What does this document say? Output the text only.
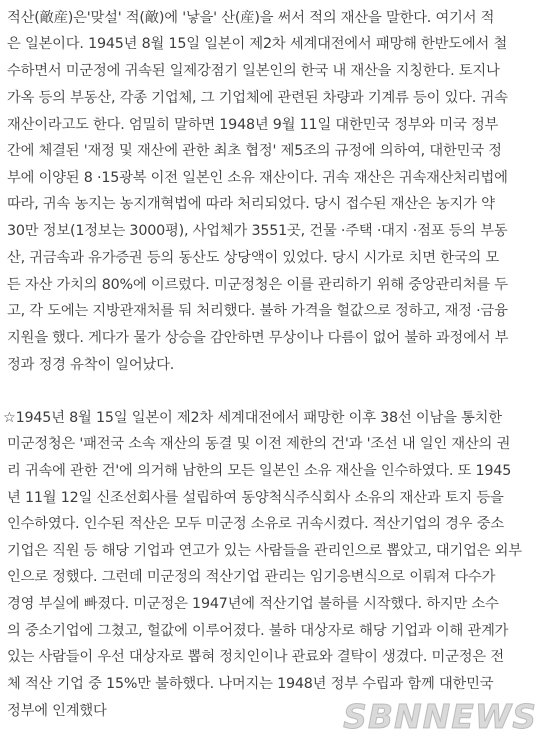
적산(敵産)은'맞설' 적(敵)에 '낳을' 산(産)을 써서 적의 재산을 말한다. 여기서 적
은 일본이다. 1945년 8월 15일 일본이 제2차 세계대전에서 패망해 한반도에서 철
수하면서 미군정에 귀속된 일제강점기 일본인의 한국 내 재산을 지칭한다. 토지나
가옥 등의 부동산, 각종 기업체, 그 기업체에 관련된 차량과 기계류 등이 있다. 귀속
재산이라고도 한다. 엄밀히 말하면 1948년 9월 11일 대한민국 정부와 미국 정부
간에 체결된 '재정 및 재산에 관한 최초 협정' 제5조의 규정에 의하여, 대한민국 정
부에 이양된 8 ·15광복 이전 일본인 소유 재산이다. 귀속 재산은 귀속재산처리법에
따라, 귀속 농지는 농지개혁법에 따라 처리되었다. 당시 접수된 재산은 농지가 약
30만 정보(1정보는 3000평), 사업체가 3551곳, 건물 ·주택 ·대지 ·점포 등의 부동
산, 귀금속과 유가증권 등의 동산도 상당액이 있었다. 당시 시가로 치면 한국의 모
든 자산 가치의 80%에 이르렀다. 미군정청은 이를 관리하기 위해 중앙관리처를 두
고, 각 도에는 지방관재처를 둬 처리했다. 불하 가격을 헐값으로 정하고, 재정 ·금융
지원을 했다. 게다가 물가 상승을 감안하면 무상이나 다름이 없어 불하 과정에서 부
정과 정경 유착이 일어났다.
☆1945년 8월 15일 일본이 제2차 세계대전에서 패망한 이후 38선 이남을 통치한
미군정청은 '패전국 소속 재산의 동결 및 이전 제한의 건'과 '조선 내 일인 재산의 권
리 귀속에 관한 건'에 의거해 남한의 모든 일본인 소유 재산을 인수하였다. 또 1945
년 11월 12일 신조선회사를 설립하여 동양척식주식회사 소유의 재산과 토지 등을
인수하였다. 인수된 적산은 모두 미군정 소유로 귀속시켰다. 적산기업의 경우 중소
기업은 직원 등 해당 기업과 연고가 있는 사람들을 관리인으로 뽑았고, 대기업은 외부
인으로 정했다. 그런데 미군정의 적산기업 관리는 임기응변식으로 이뤄져 다수가
경영 부실에 빠졌다. 미군정은 1947년에 적산기업 불하를 시작했다. 하지만 소수
의 중소기업에 그쳤고, 헐값에 이루어졌다. 불하 대상자로 해당 기업과 이해 관계가
있는 사람들이 우선 대상자로 뽑혀 정치인이나 관료와 결탁이 생겼다. 미군정은 전
체 적산 기업 중 15%만 불하했다. 나머지는 1948년 정부 수립과 함께 대한민국
정부에 인계했다	SBNNEWS
